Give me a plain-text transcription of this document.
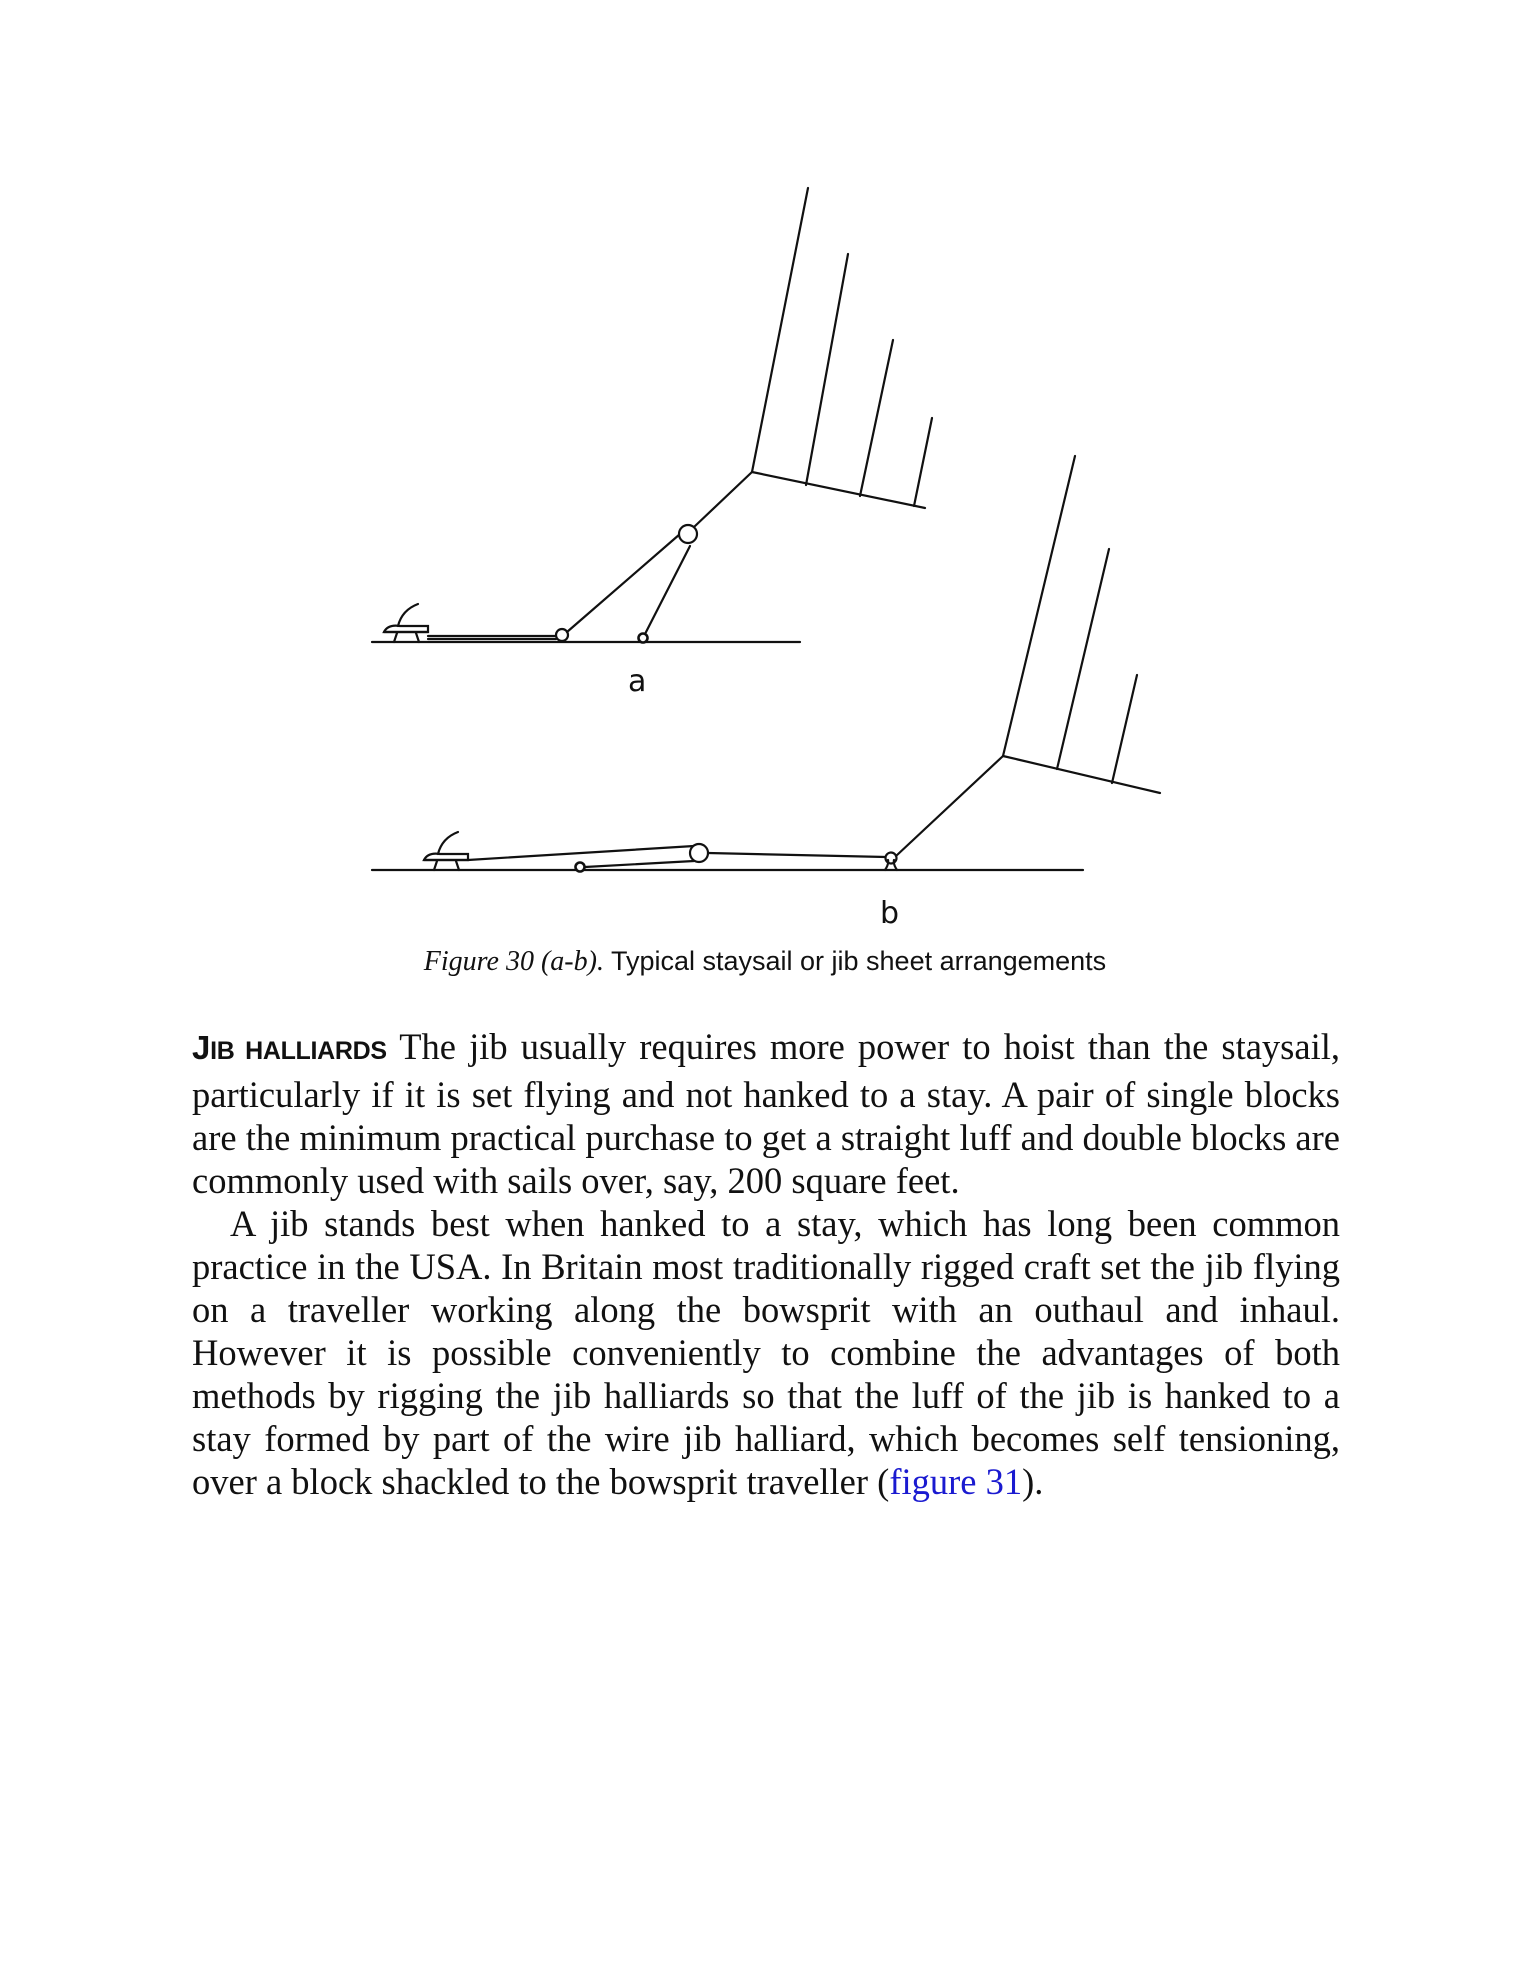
a
b
Figure 30 (a-b). Typical staysail or jib sheet arrangements

JIB HALLIARDS The jib usually requires more power to hoist than the staysail, particularly if it is set flying and not hanked to a stay. A pair of single blocks are the minimum practical purchase to get a straight luff and double blocks are commonly used with sails over, say, 200 square feet.

A jib stands best when hanked to a stay, which has long been common practice in the USA. In Britain most traditionally rigged craft set the jib flying on a traveller working along the bowsprit with an outhaul and inhaul. However it is possible conveniently to combine the advantages of both methods by rigging the jib halliards so that the luff of the jib is hanked to a stay formed by part of the wire jib halliard, which becomes self tensioning, over a block shackled to the bowsprit traveller (figure 31).
